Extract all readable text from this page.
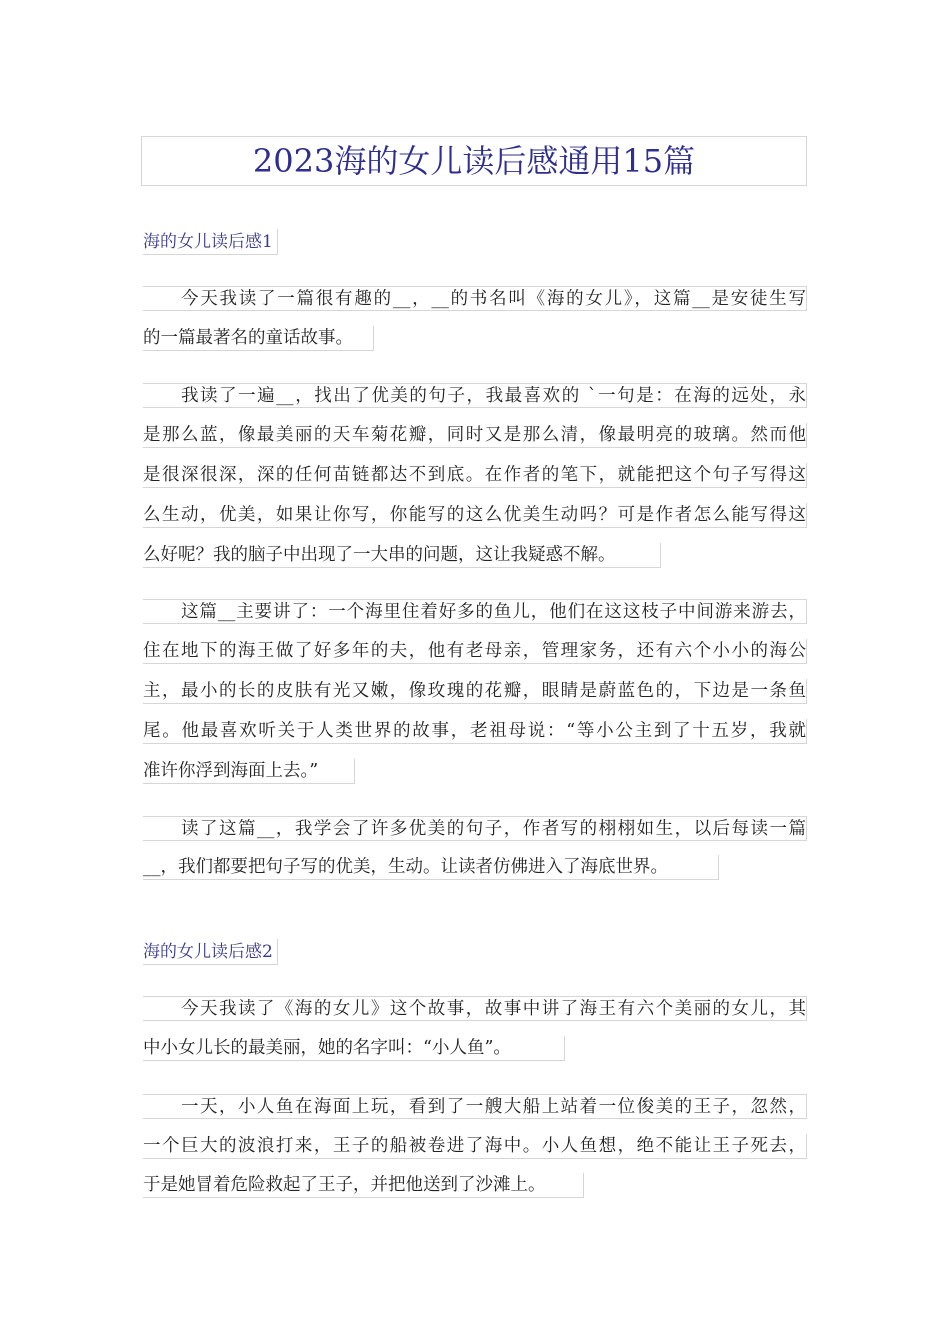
2023海的女儿读后感通用15篇
海的女儿读后感1
今天我读了一篇很有趣的__，__的书名叫《海的女儿》，这篇__是安徒生写
的一篇最著名的童话故事。
我读了一遍__，找出了优美的句子，我最喜欢的 `一句是：在海的远处，永
是那么蓝，像最美丽的天车菊花瓣，同时又是那么清，像最明亮的玻璃。然而他
是很深很深，深的任何苗链都达不到底。在作者的笔下，就能把这个句子写得这
么生动，优美，如果让你写，你能写的这么优美生动吗？可是作者怎么能写得这
么好呢？我的脑子中出现了一大串的问题，这让我疑惑不解。
这篇__主要讲了：一个海里住着好多的鱼儿，他们在这这枝子中间游来游去，
住在地下的海王做了好多年的夫，他有老母亲，管理家务，还有六个小小的海公
主，最小的长的皮肤有光又嫩，像玫瑰的花瓣，眼睛是蔚蓝色的，下边是一条鱼
尾。他最喜欢听关于人类世界的故事，老祖母说：“等小公主到了十五岁，我就
准许你浮到海面上去。”
读了这篇__，我学会了许多优美的句子，作者写的栩栩如生，以后每读一篇
__，我们都要把句子写的优美，生动。让读者仿佛进入了海底世界。
海的女儿读后感2
今天我读了《海的女儿》这个故事，故事中讲了海王有六个美丽的女儿，其
中小女儿长的最美丽，她的名字叫：“小人鱼”。
一天，小人鱼在海面上玩，看到了一艘大船上站着一位俊美的王子，忽然，
一个巨大的波浪打来，王子的船被卷进了海中。小人鱼想，绝不能让王子死去，
于是她冒着危险救起了王子，并把他送到了沙滩上。
